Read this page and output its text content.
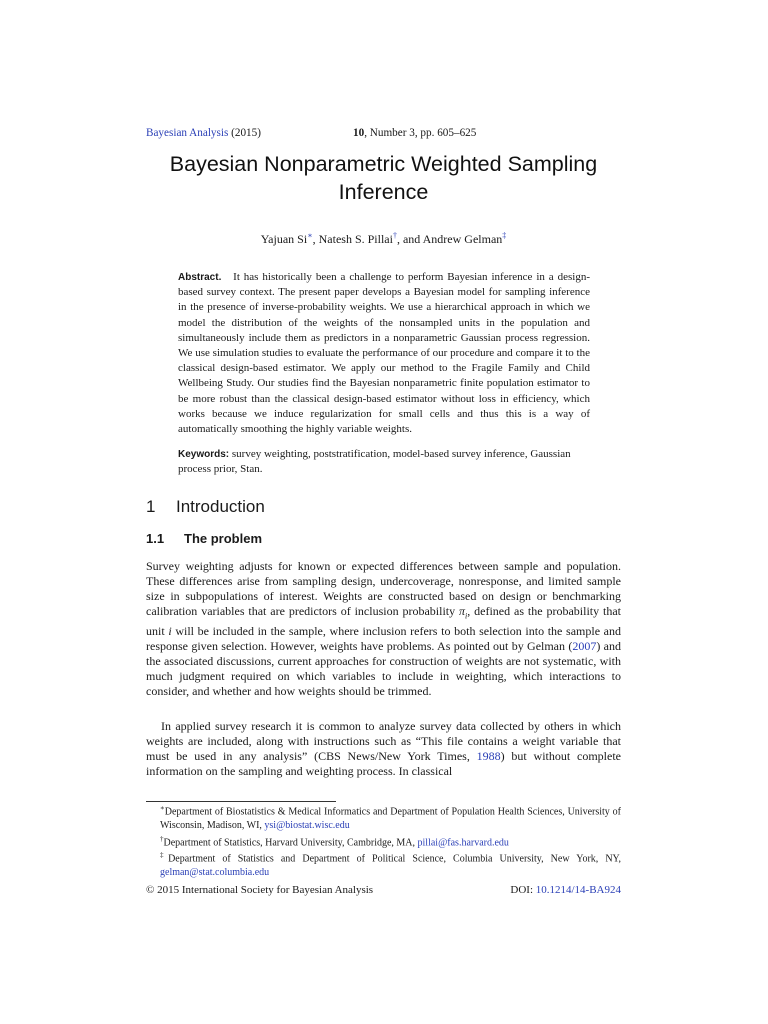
Bayesian Analysis (2015)	10, Number 3, pp. 605–625
Bayesian Nonparametric Weighted Sampling Inference
Yajuan Si∗, Natesh S. Pillai†, and Andrew Gelman‡
Abstract. It has historically been a challenge to perform Bayesian inference in a design-based survey context. The present paper develops a Bayesian model for sampling inference in the presence of inverse-probability weights. We use a hierarchical approach in which we model the distribution of the weights of the nonsampled units in the population and simultaneously include them as predictors in a nonparametric Gaussian process regression. We use simulation studies to evaluate the performance of our procedure and compare it to the classical design-based estimator. We apply our method to the Fragile Family and Child Wellbeing Study. Our studies find the Bayesian nonparametric finite population estimator to be more robust than the classical design-based estimator without loss in efficiency, which works because we induce regularization for small cells and thus this is a way of automatically smoothing the highly variable weights.
Keywords: survey weighting, poststratification, model-based survey inference, Gaussian process prior, Stan.
1 Introduction
1.1 The problem
Survey weighting adjusts for known or expected differences between sample and population. These differences arise from sampling design, undercoverage, nonresponse, and limited sample size in subpopulations of interest. Weights are constructed based on design or benchmarking calibration variables that are predictors of inclusion probability $\pi_i$, defined as the probability that unit i will be included in the sample, where inclusion refers to both selection into the sample and response given selection. However, weights have problems. As pointed out by Gelman (2007) and the associated discussions, current approaches for construction of weights are not systematic, with much judgment required on which variables to include in weighting, which interactions to consider, and whether and how weights should be trimmed.
In applied survey research it is common to analyze survey data collected by others in which weights are included, along with instructions such as “This file contains a weight variable that must be used in any analysis” (CBS News/New York Times, 1988) but without complete information on the sampling and weighting process. In classical

∗Department of Biostatistics & Medical Informatics and Department of Population Health Sciences, University of Wisconsin, Madison, WI, ysi@biostat.wisc.edu

†Department of Statistics, Harvard University, Cambridge, MA, pillai@fas.harvard.edu

‡Department of Statistics and Department of Political Science, Columbia University, New York, NY, gelman@stat.columbia.edu

© 2015 International Society for Bayesian Analysis	DOI: 10.1214/14-BA924
